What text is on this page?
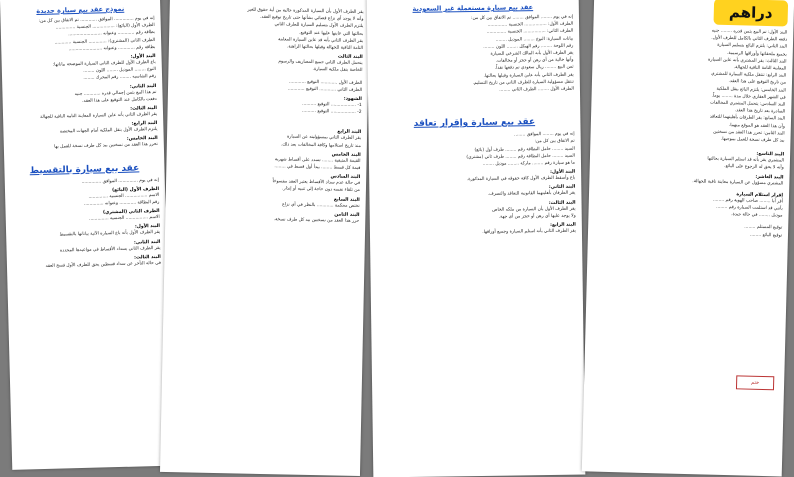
نموذج عقد بيع سيارة جديدة
إنه في يوم .............. الموافق ............ تم الاتفاق بين كل من:
الطرف الأول (البائع): ................ الجنسية ..............
بطاقة رقم ............ وعنوانه ........................
الطرف الثاني (المشتري): ............. الجنسية ............
بطاقة رقم ............ وعنوانه ........................
البند الأول:
باع الطرف الأول للطرف الثاني السيارة الموضحة بياناتها:
النوع ........ الموديل ........ اللون ........
رقم الشاسيه ........ رقم المحرك ........
البند الثاني:
تم هذا البيع بثمن إجمالي قدره ............ جنيه
دفعت بالكامل عند التوقيع على هذا العقد.
البند الثالث:
يقر الطرف الثاني بأنه عاين السيارة المعاينة التامة النافية للجهالة
البند الرابع:
يلتزم الطرف الأول بنقل الملكية أمام الجهات المختصة
البند الخامس:
تحرر هذا العقد من نسختين بيد كل طرف نسخة للعمل بها
عقد بيع سيارة بالتقسيط
إنه في يوم .............. الموافق ..............
الطرف الأول (البائع)
الاسم ................ الجنسية ..............
رقم البطاقة ............ وعنوانه ..............
الطرف الثاني (المشتري)
الاسم ................ الجنسية ..............
البند الأول:
يقر الطرف الأول بأنه باع السيارة الآتية بياناتها بالتقسيط
البند الثاني:
يقر الطرف الثاني بسداد الأقساط في مواعيدها المحددة
البند الثالث:
في حالة التأخر عن سداد قسطين يحق للطرف الأول فسخ العقد
يقر الطرف الأول بأن السيارة المذكورة خالية من أية حقوق للغير
وأنه لا يوجد أي نزاع قضائي بشأنها حتى تاريخ توقيع العقد.
يلتزم الطرف الأول بتسليم السيارة للطرف الثاني
بحالتها التي عاينها عليها عند التوقيع.
يقر الطرف الثاني بأنه قد عاين السيارة المعاينة
التامة النافية للجهالة وقبلها بحالتها الراهنة.
البند الثالث
يتحمل الطرف الثاني جميع المصاريف والرسوم
الخاصة بنقل ملكية السيارة.
الطرف الأول ............ التوقيع ............
الطرف الثاني ............ التوقيع ............
الشهود:
1- .................. التوقيع ..........
2- .................. التوقيع ..........
البند الرابع
يقر الطرف الثاني بمسؤوليته عن السيارة
منذ تاريخ استلامها وكافة المخالفات بعد ذلك.
البند الخامس
القيمة المتبقية ........ تسدد على أقساط شهرية
قيمة كل قسط ........ يبدأ أول قسط في ........
البند السادس
في حالة عدم سداد الأقساط يعتبر العقد مفسوخاً
من تلقاء نفسه دون حاجة إلى تنبيه أو إنذار.
البند السابع
تختص محكمة ............ بالنظر في أي نزاع
البند الثامن
حرر هذا العقد من نسختين بيد كل طرف نسخة.
عقد بيع سيارة مستعملة غير السعودية
إنه في يوم ........ الموافق ........ تم الاتفاق بين كل من:
الطرف الأول: ................ الجنسية ..............
الطرف الثاني: ................ الجنسية ..............
بيانات السيارة: النوع ........ الموديل ........
رقم اللوحة ........ رقم الهيكل ........ اللون ........
يقر الطرف الأول بأنه المالك الشرعي للسيارة
وأنها خالية من أي رهن أو حجز أو مخالفات.
ثمن البيع ........ ريال سعودي تم دفعها نقداً.
يقر الطرف الثاني بأنه عاين السيارة وقبلها بحالتها.
تنتقل مسؤولية السيارة للطرف الثاني من تاريخ التسليم.
الطرف الأول ........ الطرف الثاني ........
عقد بيع سيارة وإقرار تعاقد
إنه في يوم ........ الموافق ........
تم الاتفاق بين كل من:
السيد ........ حامل البطاقة رقم ........ طرف أول (بائع)
السيد ........ حامل البطاقة رقم ........ طرف ثاني (مشتري)
ما هو سيارة رقم ........ ماركة ........ موديل ........
البند الأول:
باع وأسقط الطرف الأول كافة حقوقه في السيارة المذكورة.
البند الثاني:
يقر الطرفان بأهليتهما القانونية للتعاقد والتصرف.
البند الثالث:
يقر الطرف الأول بأن السيارة من ملكه الخاص
ولا يوجد عليها أي رهن أو حجز من أي جهة.
البند الرابع:
يقر الطرف الثاني بأنه استلم السيارة وجميع أوراقها.
دراهم
البند الأول: تم البيع بثمن قدره ........ جنيه
دفعه الطرف الثاني بالكامل للطرف الأول.
البند الثاني: يلتزم البائع بتسليم السيارة
بجميع ملحقاتها وأوراقها الرسمية.
البند الثالث: يقر المشتري بأنه عاين السيارة
المعاينة التامة النافية للجهالة.
البند الرابع: تنتقل ملكية السيارة للمشتري
من تاريخ التوقيع على هذا العقد.
البند الخامس: يلتزم البائع بنقل الملكية
في الشهر العقاري خلال مدة ........ يوماً.
البند السادس: يتحمل المشتري المخالفات
الصادرة بعد تاريخ هذا العقد.
البند السابع: يقر الطرفان بأهليتهما للتعاقد
وأن هذا العقد هو الموقع منهما.
البند الثامن: تحرر هذا العقد من نسختين
بيد كل طرف نسخة للعمل بموجبها.
البند التاسع:
المشتري يقر بأنه قد استلم السيارة بحالتها
وأنه لا يحق له الرجوع على البائع.
البند العاشر:
المشتري مسؤول عن السيارة معاينة نافية للجهالة.
إقرار استلام السيارة
أقر أنا ........ صاحب الهوية رقم ........
بأنني قد استلمت السيارة رقم ........
موديل ........ في حالة جيدة.
توقيع المستلم ........
توقيع البائع ........
ختم
